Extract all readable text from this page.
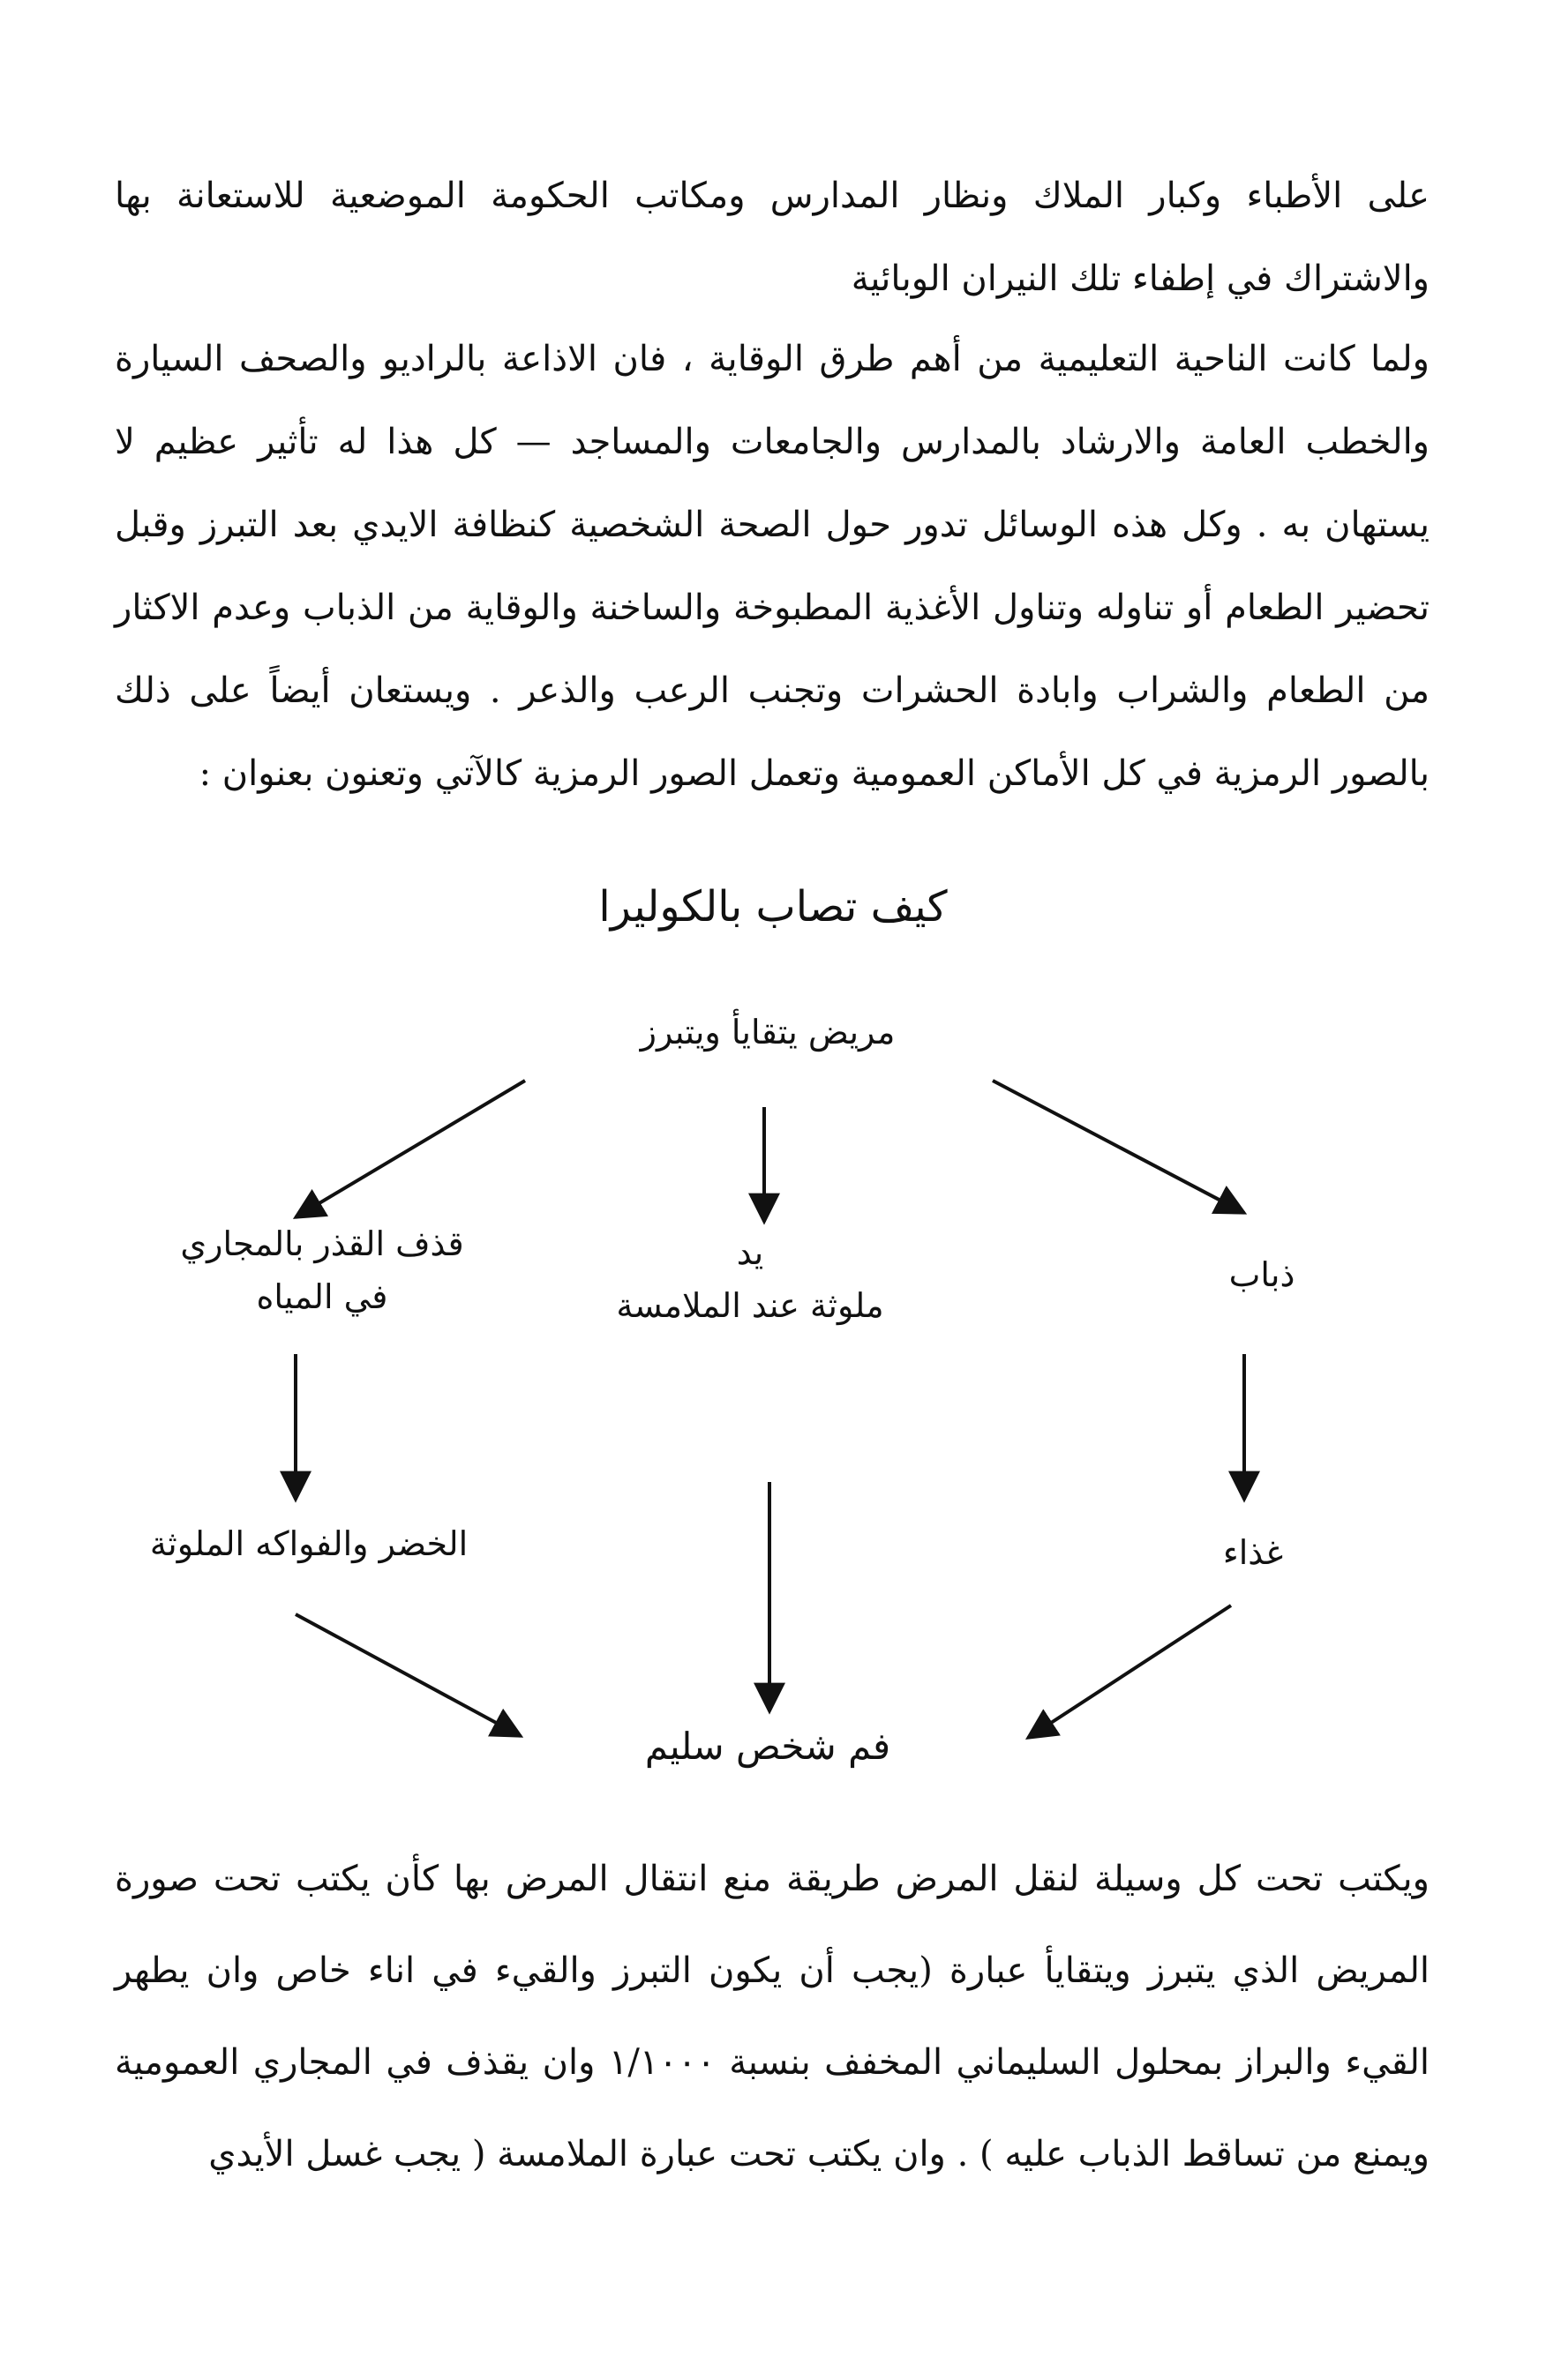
على الأطباء وكبار الملاك ونظار المدارس ومكاتب الحكومة الموضعية للاستعانة بها والاشتراك في إطفاء تلك النيران الوبائية

ولما كانت الناحية التعليمية من أهم طرق الوقاية ، فان الاذاعة بالراديو والصحف السيارة والخطب العامة والارشاد بالمدارس والجامعات والمساجد — كل هذا له تأثير عظيم لا يستهان به . وكل هذه الوسائل تدور حول الصحة الشخصية كنظافة الايدي بعد التبرز وقبل تحضير الطعام أو تناوله وتناول الأغذية المطبوخة والساخنة والوقاية من الذباب وعدم الاكثار من الطعام والشراب وابادة الحشرات وتجنب الرعب والذعر . ويستعان أيضاً على ذلك بالصور الرمزية في كل الأماكن العمومية وتعمل الصور الرمزية كالآتي وتعنون بعنوان :

كيف تصاب بالكوليرا
مريض يتقايأ ويتبرز
قذف القذر بالمجاري
في المياه
يد
ملوثة عند الملامسة
ذباب
الخضر والفواكه الملوثة	غذاء
فم شخص سليم

ويكتب تحت كل وسيلة لنقل المرض طريقة منع انتقال المرض بها كأن يكتب تحت صورة المريض الذي يتبرز ويتقايأ عبارة (يجب أن يكون التبرز والقيء في اناء خاص وان يطهر القيء والبراز بمحلول السليماني المخفف بنسبة ١/١٠٠٠ وان يقذف في المجاري العمومية ويمنع من تساقط الذباب عليه ) . وان يكتب تحت عبارة الملامسة ( يجب غسل الأيدي
